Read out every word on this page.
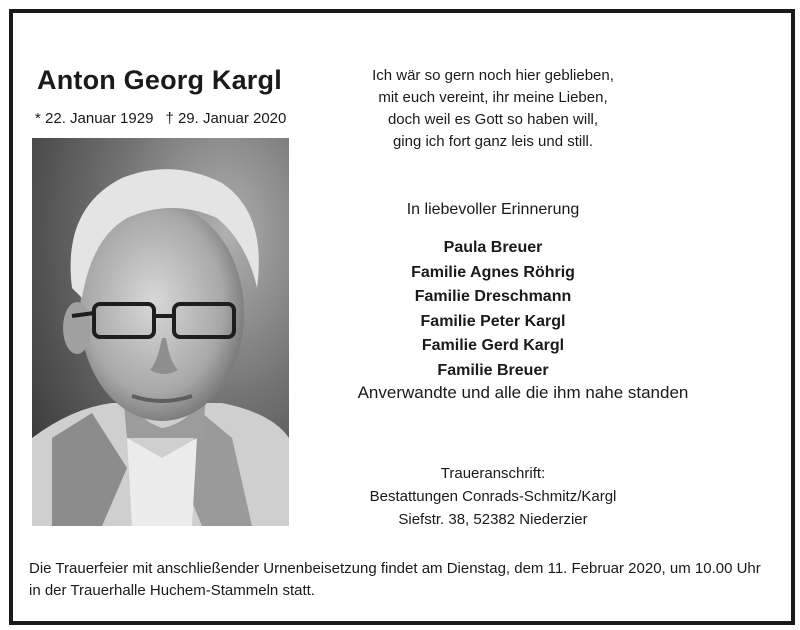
Anton Georg Kargl
* 22. Januar 1929 † 29. Januar 2020
Ich wär so gern noch hier geblieben,
mit euch vereint, ihr meine Lieben,
doch weil es Gott so haben will,
ging ich fort ganz leis und still.
In liebevoller Erinnerung
Paula Breuer
Familie Agnes Röhrig
Familie Dreschmann
Familie Peter Kargl
Familie Gerd Kargl
Familie Breuer
Anverwandte und alle die ihm nahe standen
Traueranschrift:
Bestattungen Conrads-Schmitz/Kargl
Siefstr. 38, 52382 Niederzier
Die Trauerfeier mit anschließender Urnenbeisetzung findet am Dienstag, dem 11. Februar 2020, um 10.00 Uhr in der Trauerhalle Huchem-Stammeln statt.
